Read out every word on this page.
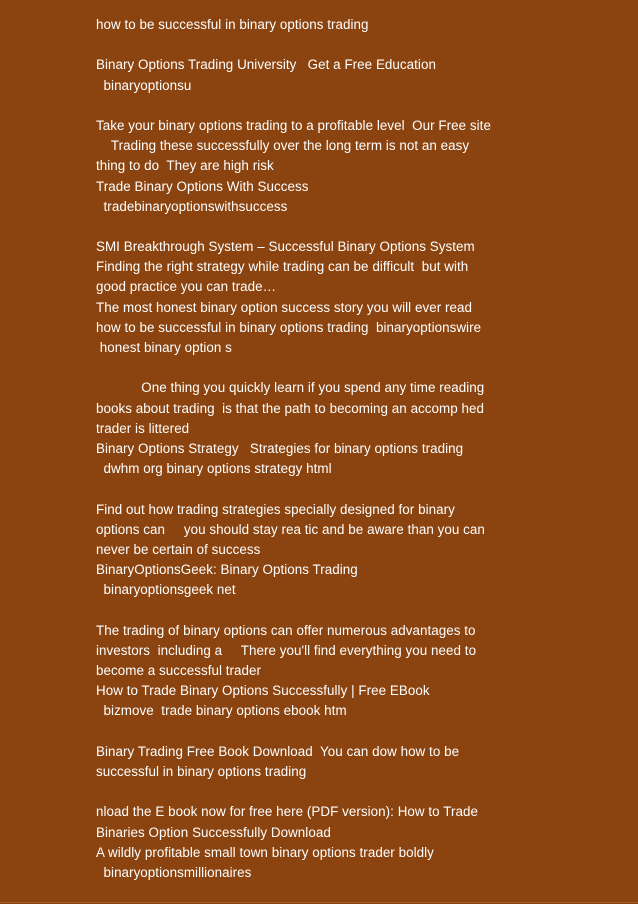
how to be successful in binary options trading
Binary Options Trading University   Get a Free Education
binaryoptionsu
Take your binary options trading to a profitable level  Our Free site
Trading these successfully over the long term is not an easy
thing to do  They are high risk
Trade Binary Options With Success
tradebinaryoptionswithsuccess
SMI Breakthrough System – Successful Binary Options System
Finding the right strategy while trading can be difficult  but with
good practice you can trade…
The most honest binary option success story you will ever read
how to be successful in binary options trading  binaryoptionswire
honest binary option s
One thing you quickly learn if you spend any time reading
books about trading  is that the path to becoming an accomp hed
trader is littered
Binary Options Strategy   Strategies for binary options trading
dwhm org binary options strategy html
Find out how trading strategies specially designed for binary
options can     you should stay rea tic and be aware than you can
never be certain of success
BinaryOptionsGeek: Binary Options Trading
binaryoptionsgeek net
The trading of binary options can offer numerous advantages to
investors  including a     There you'll find everything you need to
become a successful trader
How to Trade Binary Options Successfully | Free EBook
bizmove  trade binary options ebook htm
Binary Trading Free Book Download  You can dow how to be
successful in binary options trading
nload the E book now for free here (PDF version): How to Trade
Binaries Option Successfully Download
A wildly profitable small town binary options trader boldly
binaryoptionsmillionaires
